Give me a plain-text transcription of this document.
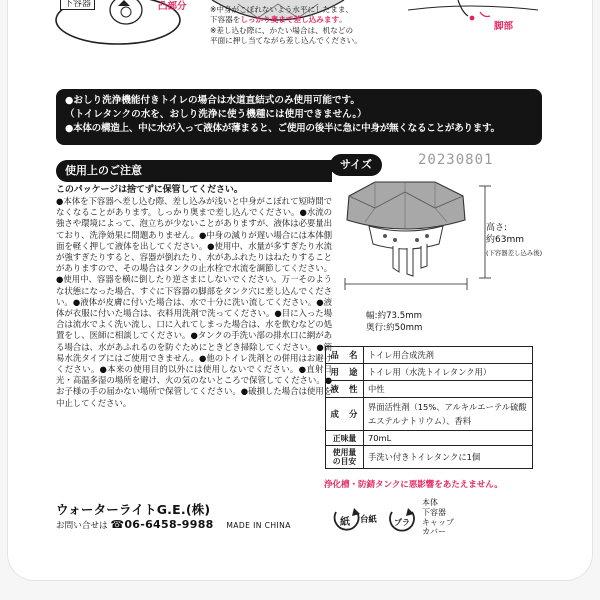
下容器	凸部分
脚部
※中身がこぼれないよう水平にしたまま、
下容器をしっかり奥まで差し込みます。
※差し込む際に、かたい場合は、机などの
平面に押し当てながら差し込んでください。
●おしり洗浄機能付きトイレの場合は水道直結式のみ使用可能です。
（トイレタンクの水を、おしり洗浄に使う機種には使用できません。）
●本体の構造上、中に水が入って液体が薄まると、ご使用の後半に急に中身が無くなることがあります。
使用上のご注意

このパッケージは捨てずに保管してください。

●本体を下容器へ差し込む際、差し込みが浅いと中身がこぼれて短時間でなくなることがあります。しっかり奥まで差し込んでください。●水流の強さや環境によって、泡立ちが少ないことがありますが、液体は必要量出ており、洗浄効果に問題ありません。●中身の減りが遅い場合には本体側面を軽く押して液体を出してください。●使用中、水量が多すぎたり水流が強すぎたりすると、容器が倒れたり、水があふれたりはねたりすることがありますので、その場合はタンクの止水栓で水流を調節してください。●使用中、容器を横に倒したり逆さまにしないでください。万一そのような状態になった場合、すぐに下容器の脚部をタンク穴に差し込んでください。●液体が皮膚に付いた場合は、水で十分に洗い流してください。●液体が衣服に付いた場合は、衣料用洗剤で洗ってください。●目に入った場合は流水でよく洗い流し、口に入れてしまった場合は、水を飲むなどの処置をし、医師に相談してください。●タンクの手洗い部の排水口に網がある場合は、水があふれるのを防ぐためにときどき掃除してください。●簡易水洗タイプにはご使用できません。●他のトイレ洗剤との併用はお避けください。●本来の使用目的以外には使用しないでください。●直射日光・高温多湿の場所を避け、火の気のないところで保管してください。●お子様の手の届かない場所で保管してください。●破損した場合は使用を中止してください。

ウォーターライトG.E.(株)
お問い合せは ☎06-6458-9988 MADE IN CHINA
サイズ	20230801
高さ:
約63mm
(下容器差し込み後)
幅:約73.5mm
奥行:約50mm
品　名	トイレ用合成洗剤
用　途	トイレ用（水洗トイレタンク用）
液　性	中性
成　分	界面活性剤（15%、アルキルエーテル硫酸エステルナトリウム）、香料
正味量	70mL
使用量の目安	手洗い付きトイレタンクに1個
浄化槽・防錆タンクに悪影響をあたえません。
紙 台紙 プラ
本体
下容器
キャップ
カバー
